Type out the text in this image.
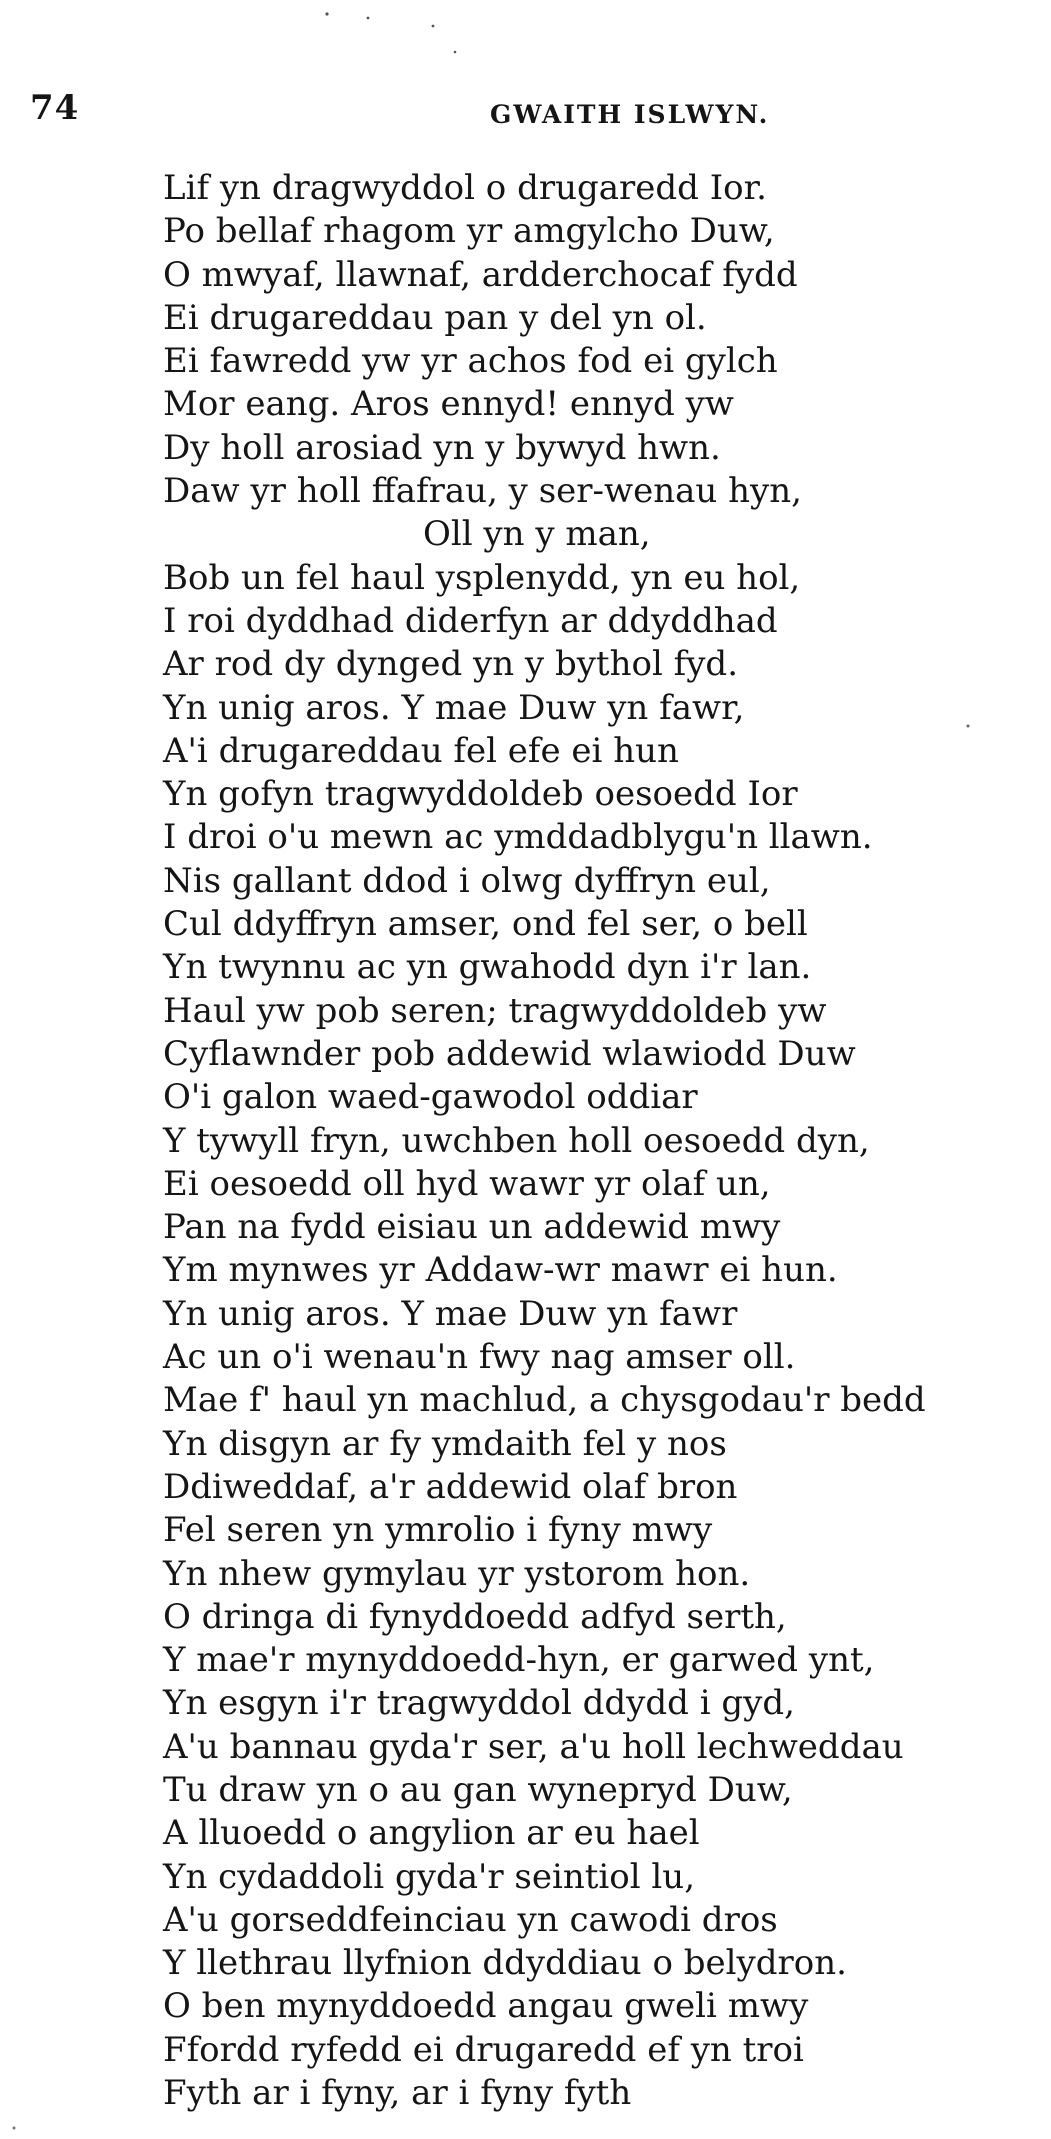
74	GWAITH ISLWYN.
Lif yn dragwyddol o drugaredd Ior.
Po bellaf rhagom yr amgylcho Duw,
O mwyaf, llawnaf, ardderchocaf fydd
Ei drugareddau pan y del yn ol.
Ei fawredd yw yr achos fod ei gylch
Mor eang. Aros ennyd! ennyd yw
Dy holl arosiad yn y bywyd hwn.
Daw yr holl ffafrau, y ser-wenau hyn,
Oll yn y man,
Bob un fel haul ysplenydd, yn eu hol,
I roi dyddhad diderfyn ar ddyddhad
Ar rod dy dynged yn y bythol fyd.
Yn unig aros. Y mae Duw yn fawr,
A'i drugareddau fel efe ei hun
Yn gofyn tragwyddoldeb oesoedd Ior
I droi o'u mewn ac ymddadblygu'n llawn.
Nis gallant ddod i olwg dyffryn eul,
Cul ddyffryn amser, ond fel ser, o bell
Yn twynnu ac yn gwahodd dyn i'r lan.
Haul yw pob seren; tragwyddoldeb yw
Cyflawnder pob addewid wlawiodd Duw
O'i galon waed-gawodol oddiar
Y tywyll fryn, uwchben holl oesoedd dyn,
Ei oesoedd oll hyd wawr yr olaf un,
Pan na fydd eisiau un addewid mwy
Ym mynwes yr Addaw-wr mawr ei hun.
Yn unig aros. Y mae Duw yn fawr
Ac un o'i wenau'n fwy nag amser oll.
Mae f' haul yn machlud, a chysgodau'r bedd
Yn disgyn ar fy ymdaith fel y nos
Ddiweddaf, a'r addewid olaf bron
Fel seren yn ymrolio i fyny mwy
Yn nhew gymylau yr ystorom hon.
O dringa di fynyddoedd adfyd serth,
Y mae'r mynyddoedd-hyn, er garwed ynt,
Yn esgyn i'r tragwyddol ddydd i gyd,
A'u bannau gyda'r ser, a'u holl lechweddau
Tu draw yn o au gan wynepryd Duw,
A lluoedd o angylion ar eu hael
Yn cydaddoli gyda'r seintiol lu,
A'u gorseddfeinciau yn cawodi dros
Y llethrau llyfnion ddyddiau o belydron.
O ben mynyddoedd angau gweli mwy
Ffordd ryfedd ei drugaredd ef yn troi
Fyth ar i fyny, ar i fyny fyth
